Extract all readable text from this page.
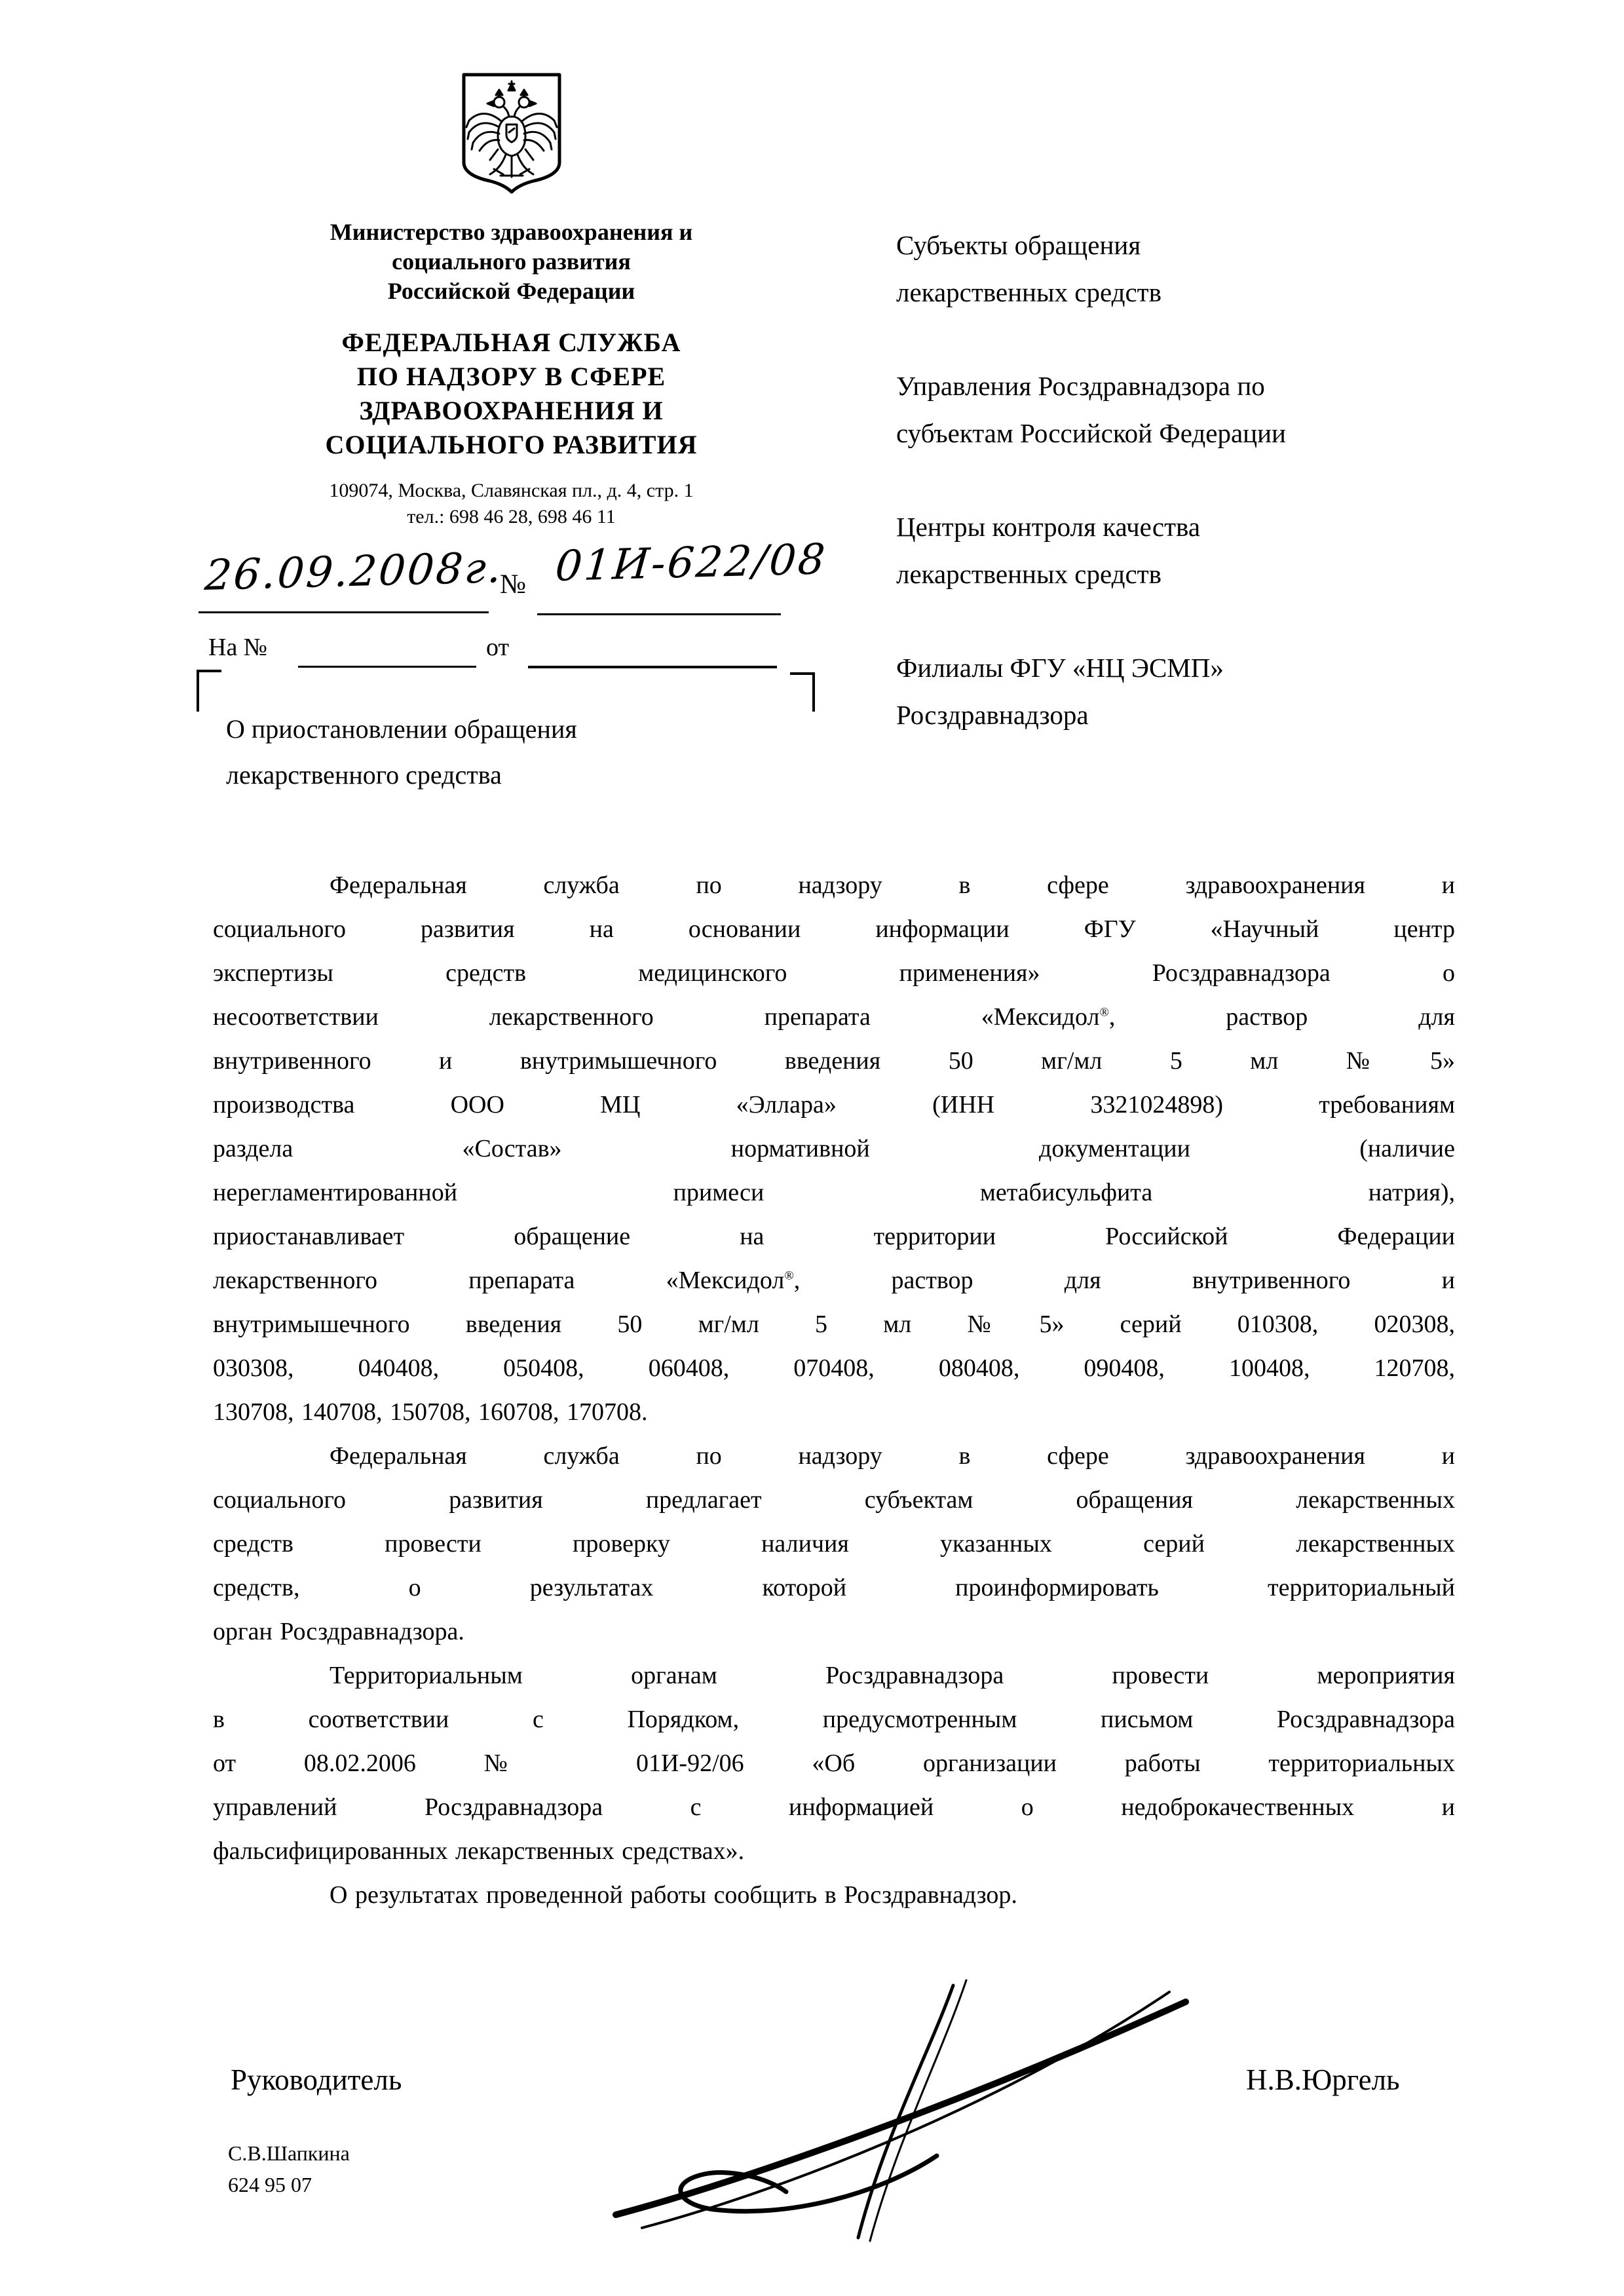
Министерство здравоохранения и
социального развития
Российской Федерации
ФЕДЕРАЛЬНАЯ СЛУЖБА
ПО НАДЗОРУ В СФЕРЕ
ЗДРАВООХРАНЕНИЯ И
СОЦИАЛЬНОГО РАЗВИТИЯ
109074, Москва, Славянская пл., д. 4, стр. 1
тел.: 698 46 28, 698 46 11
26.09.2008г.
№ 01И-622/08
На №	от
О приостановлении обращения
лекарственного средства
Субъекты обращения
лекарственных средств
Управления Росздравнадзора по
субъектам Российской Федерации
Центры контроля качества
лекарственных средств
Филиалы ФГУ «НЦ ЭСМП»
Росздравнадзора
Федеральная служба по надзору в сфере здравоохранения и
социального развития на основании информации ФГУ «Научный центр
экспертизы средств медицинского применения» Росздравнадзора о
несоответствии лекарственного препарата «Мексидол®, раствор для
внутривенного и внутримышечного введения 50 мг/мл 5 мл №5»
производства ООО МЦ «Эллара» (ИНН 3321024898) требованиям
раздела «Состав» нормативной документации (наличие
нерегламентированной примеси метабисульфита натрия),
приостанавливает обращение на территории Российской Федерации
лекарственного препарата «Мексидол®, раствор для внутривенного и
внутримышечного введения 50 мг/мл 5 мл №5» серий 010308, 020308,
030308, 040408, 050408, 060408, 070408, 080408, 090408, 100408, 120708,
130708, 140708, 150708, 160708, 170708.
Федеральная служба по надзору в сфере здравоохранения и
социального развития предлагает субъектам обращения лекарственных
средств провести проверку наличия указанных серий лекарственных
средств, о результатах которой проинформировать территориальный
орган Росздравнадзора.
Территориальным органам Росздравнадзора провести мероприятия
в соответствии с Порядком, предусмотренным письмом Росздравнадзора
от 08.02.2006 № 01И-92/06 «Об организации работы территориальных
управлений Росздравнадзора с информацией о недоброкачественных и
фальсифицированных лекарственных средствах».
О результатах проведенной работы сообщить в Росздравнадзор.
Руководитель	Н.В.Юргель
С.В.Шапкина
624 95 07
